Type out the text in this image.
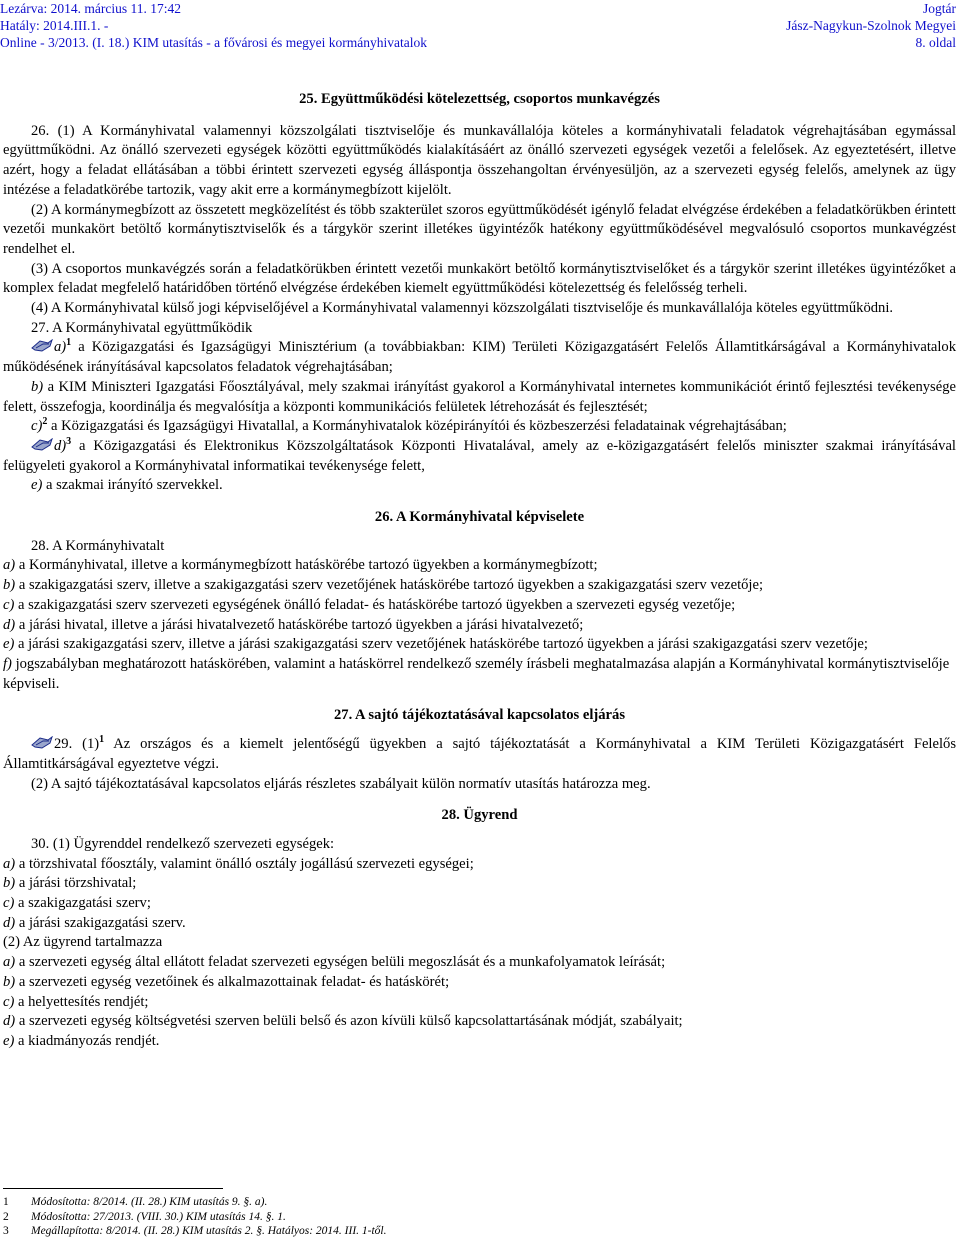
Lezárva: 2014. március 11. 17:42
Hatály: 2014.III.1. -
Online - 3/2013. (I. 18.) KIM utasítás - a fővárosi és megyei kormányhivatalok
Jogtár
Jász-Nagykun-Szolnok Megyei
8. oldal

25. Együttműködési kötelezettség, csoportos munkavégzés

26. (1) A Kormányhivatal valamennyi közszolgálati tisztviselője és munkavállalója köteles a kormányhivatali feladatok végrehajtásában egymással együttműködni. Az önálló szervezeti egységek közötti együttműködés kialakításáért az önálló szervezeti egységek vezetői a felelősek. Az egyeztetésért, illetve azért, hogy a feladat ellátásában a többi érintett szervezeti egység álláspontja összehangoltan érvényesüljön, az a szervezeti egység felelős, amelynek az ügy intézése a feladatkörébe tartozik, vagy akit erre a kormánymegbízott kijelölt.

(2) A kormánymegbízott az összetett megközelítést és több szakterület szoros együttműködését igénylő feladat elvégzése érdekében a feladatkörükben érintett vezetői munkakört betöltő kormánytisztviselők és a tárgykör szerint illetékes ügyintézők hatékony együttműködésével megvalósuló csoportos munkavégzést rendelhet el.

(3) A csoportos munkavégzés során a feladatkörükben érintett vezetői munkakört betöltő kormánytisztviselőket és a tárgykör szerint illetékes ügyintézőket a komplex feladat megfelelő határidőben történő elvégzése érdekében kiemelt együttműködési kötelezettség és felelősség terheli.

(4) A Kormányhivatal külső jogi képviselőjével a Kormányhivatal valamennyi közszolgálati tisztviselője és munkavállalója köteles együttműködni.

27. A Kormányhivatal együttműködik

a)$^1$ a Közigazgatási és Igazságügyi Minisztérium (a továbbiakban: KIM) Területi Közigazgatásért Felelős Államtitkárságával a Kormányhivatalok működésének irányításával kapcsolatos feladatok végrehajtásában;

b) a KIM Miniszteri Igazgatási Főosztályával, mely szakmai irányítást gyakorol a Kormányhivatal internetes kommunikációt érintő fejlesztési tevékenysége felett, összefogja, koordinálja és megvalósítja a központi kommunikációs felületek létrehozását és fejlesztését;

c)$^2$ a Közigazgatási és Igazságügyi Hivatallal, a Kormányhivatalok középirányítói és közbeszerzési feladatainak végrehajtásában;

d)$^3$ a Közigazgatási és Elektronikus Közszolgáltatások Központi Hivatalával, amely az e-közigazgatásért felelős miniszter szakmai irányításával felügyeleti gyakorol a Kormányhivatal informatikai tevékenysége felett,

e) a szakmai irányító szervekkel.

26. A Kormányhivatal képviselete

28. A Kormányhivatalt

a) a Kormányhivatal, illetve a kormánymegbízott hatáskörébe tartozó ügyekben a kormánymegbízott;

b) a szakigazgatási szerv, illetve a szakigazgatási szerv vezetőjének hatáskörébe tartozó ügyekben a szakigazgatási szerv vezetője;

c) a szakigazgatási szerv szervezeti egységének önálló feladat- és hatáskörébe tartozó ügyekben a szervezeti egység vezetője;

d) a járási hivatal, illetve a járási hivatalvezető hatáskörébe tartozó ügyekben a járási hivatalvezető;

e) a járási szakigazgatási szerv, illetve a járási szakigazgatási szerv vezetőjének hatáskörébe tartozó ügyekben a járási szakigazgatási szerv vezetője;

f) jogszabályban meghatározott hatáskörében, valamint a hatáskörrel rendelkező személy írásbeli meghatalmazása alapján a Kormányhivatal kormánytisztviselője

képviseli.

27. A sajtó tájékoztatásával kapcsolatos eljárás

29. $(1)^1$ Az országos és a kiemelt jelentőségű ügyekben a sajtó tájékoztatását a Kormányhivatal a KIM Területi Közigazgatásért Felelős Államtitkárságával egyeztetve végzi.

(2) A sajtó tájékoztatásával kapcsolatos eljárás részletes szabályait külön normatív utasítás határozza meg.

28. Ügyrend

30. (1) Ügyrenddel rendelkező szervezeti egységek:

a) a törzshivatal főosztály, valamint önálló osztály jogállású szervezeti egységei;

b) a járási törzshivatal;

c) a szakigazgatási szerv;

d) a járási szakigazgatási szerv.

(2) Az ügyrend tartalmazza

a) a szervezeti egység által ellátott feladat szervezeti egységen belüli megoszlását és a munkafolyamatok leírását;

b) a szervezeti egység vezetőinek és alkalmazottainak feladat- és hatáskörét;

c) a helyettesítés rendjét;

d) a szervezeti egység költségvetési szerven belüli belső és azon kívüli külső kapcsolattartásának módját, szabályait;

e) a kiadmányozás rendjét.

1 Módosította: 8/2014. (II. 28.) KIM utasítás 9. §. a).
2 Módosította: 27/2013. (VIII. 30.) KIM utasítás 14. §. 1.
3 Megállapította: 8/2014. (II. 28.) KIM utasítás 2. §. Hatályos: 2014. III. 1-től.
